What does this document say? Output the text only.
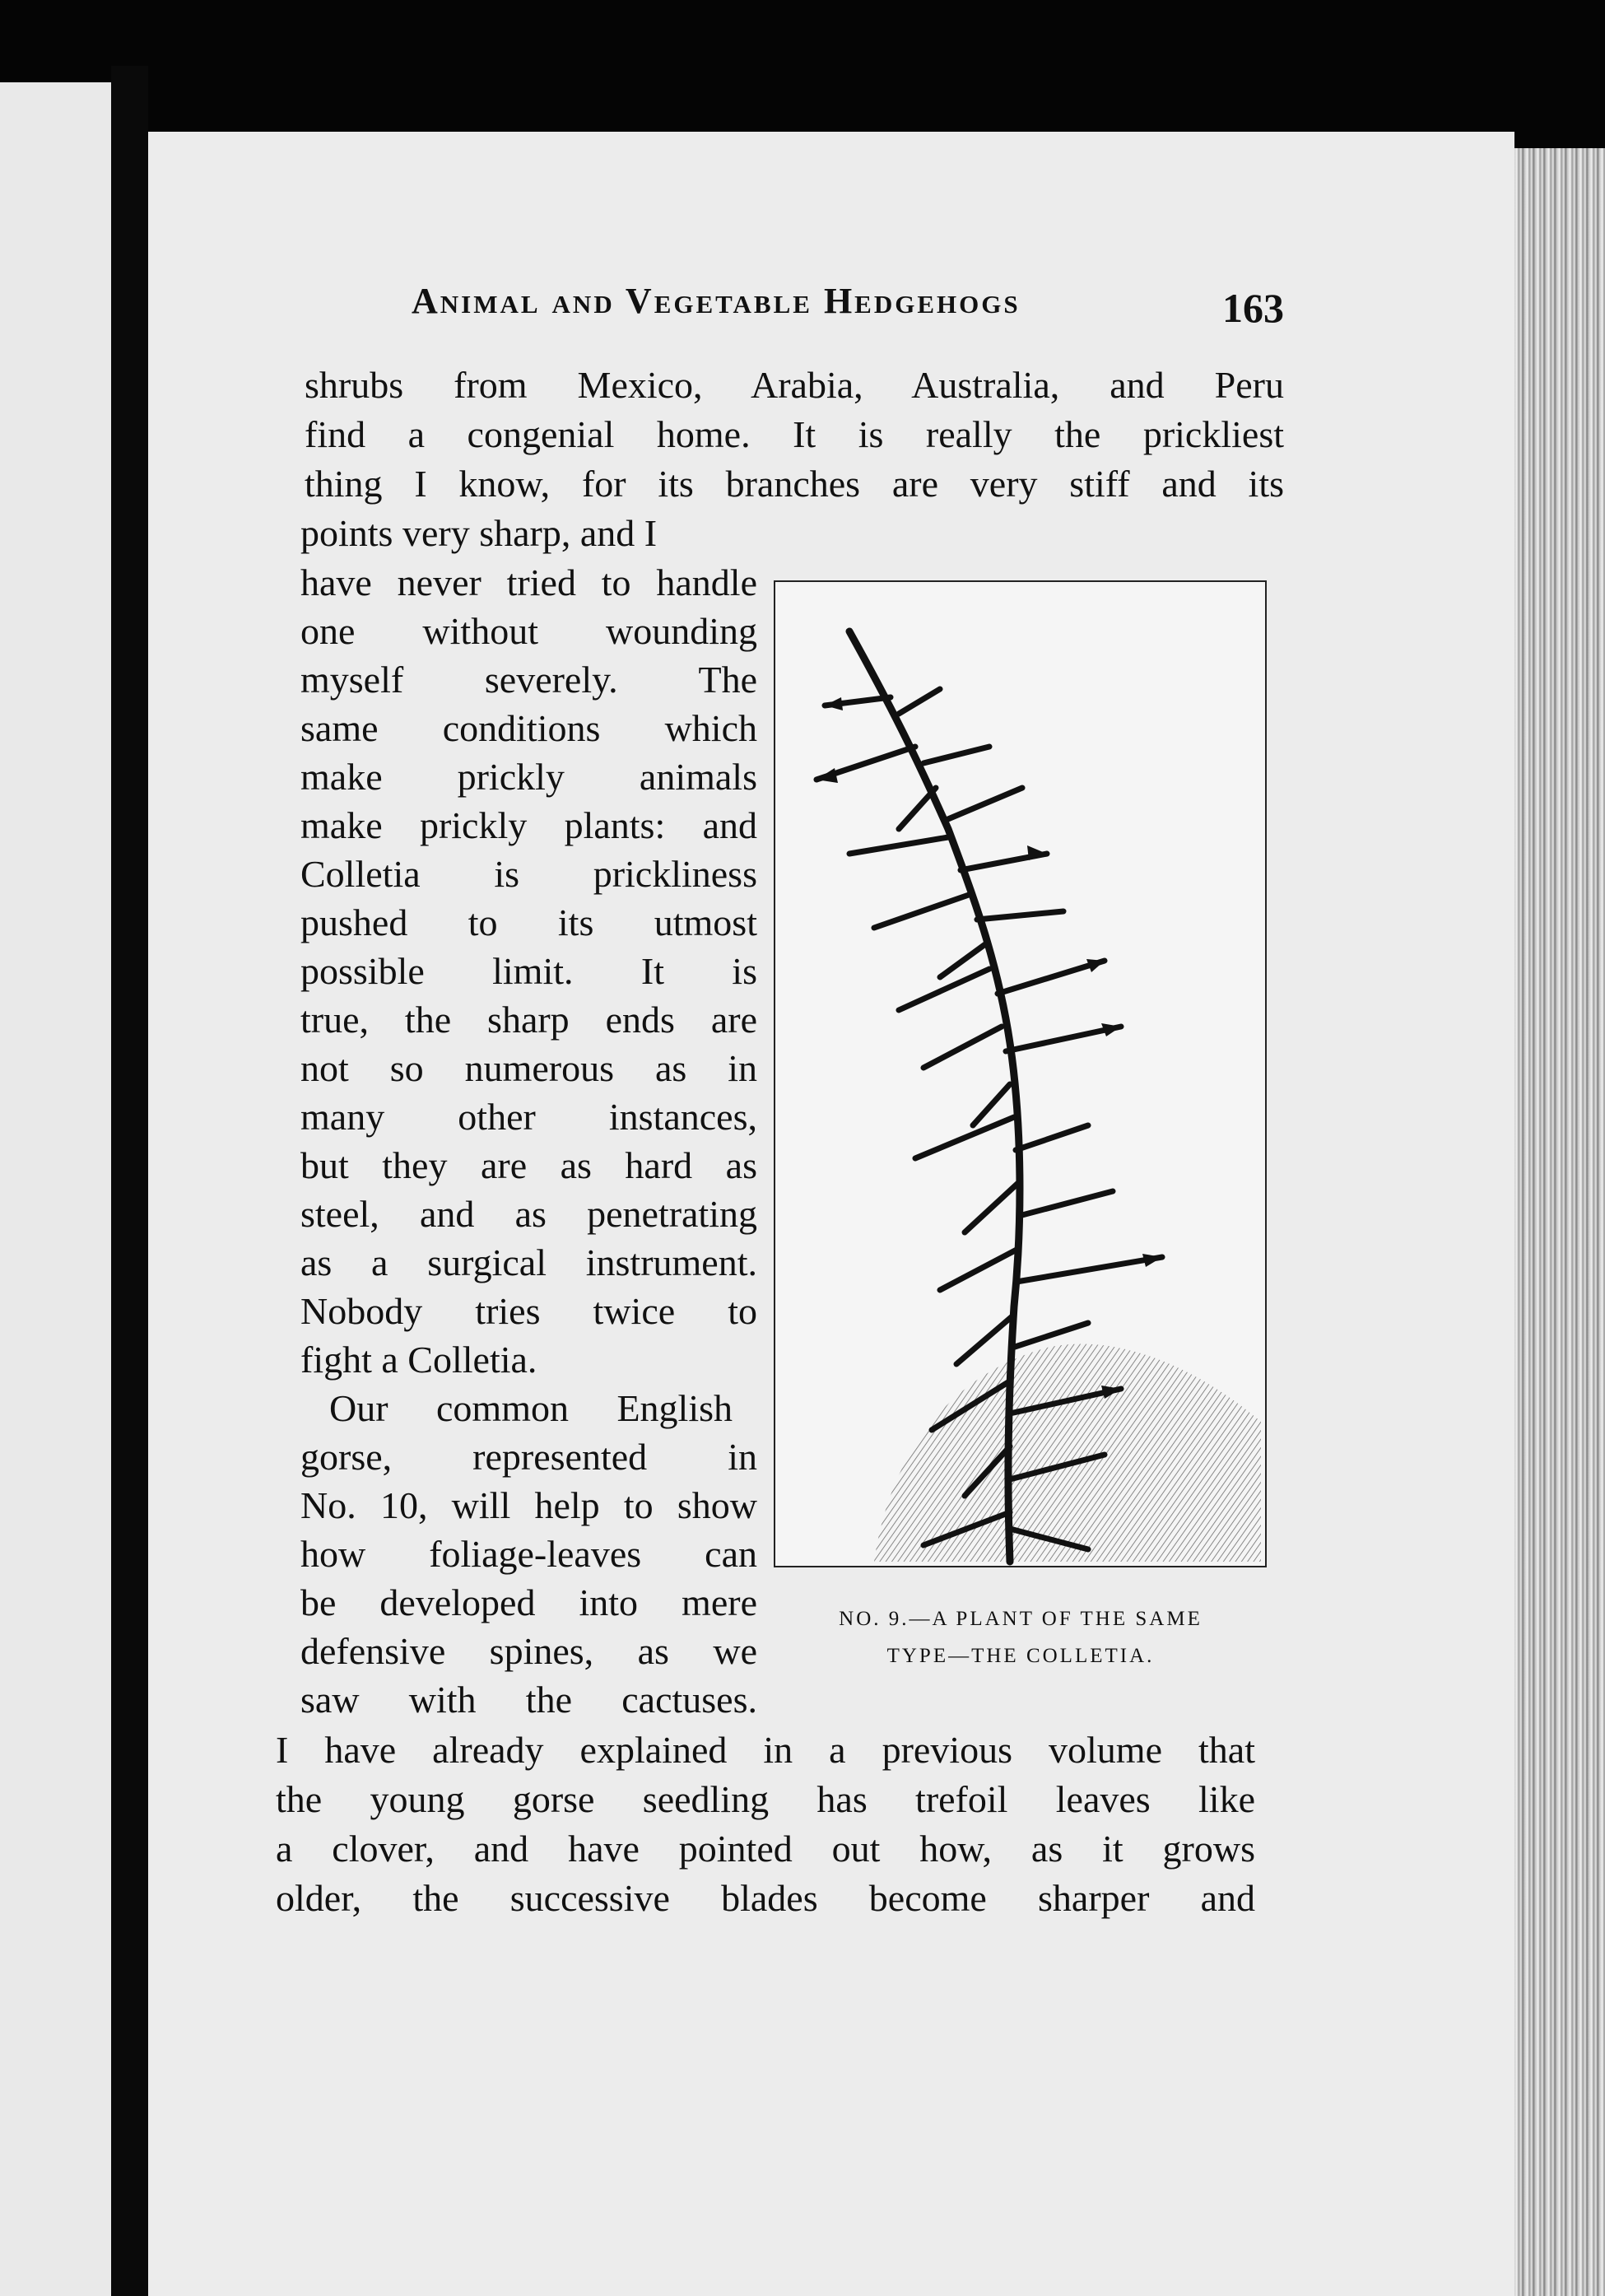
Animal and Vegetable Hedgehogs	163
shrubs from Mexico, Arabia, Australia, and Peru
find a congenial home. It is really the prickliest
thing I know, for its branches are very stiff and its
points very sharp, and I
have never tried to handle
one without wounding
myself severely. The
same conditions which
make prickly animals
make prickly plants: and
Colletia is prickliness
pushed to its utmost
possible limit. It is
true, the sharp ends are
not so numerous as in
many other instances,
but they are as hard as
steel, and as penetrating
as a surgical instrument.
Nobody tries twice to
fight a Colletia.
Our common English
gorse, represented in
No. 10, will help to show
how foliage-leaves can
be developed into mere
defensive spines, as we
saw with the cactuses.
I have already explained in a previous volume that
the young gorse seedling has trefoil leaves like
a clover, and have pointed out how, as it grows
older, the successive blades become sharper and
NO. 9.—A PLANT OF THE SAME
TYPE—THE COLLETIA.
